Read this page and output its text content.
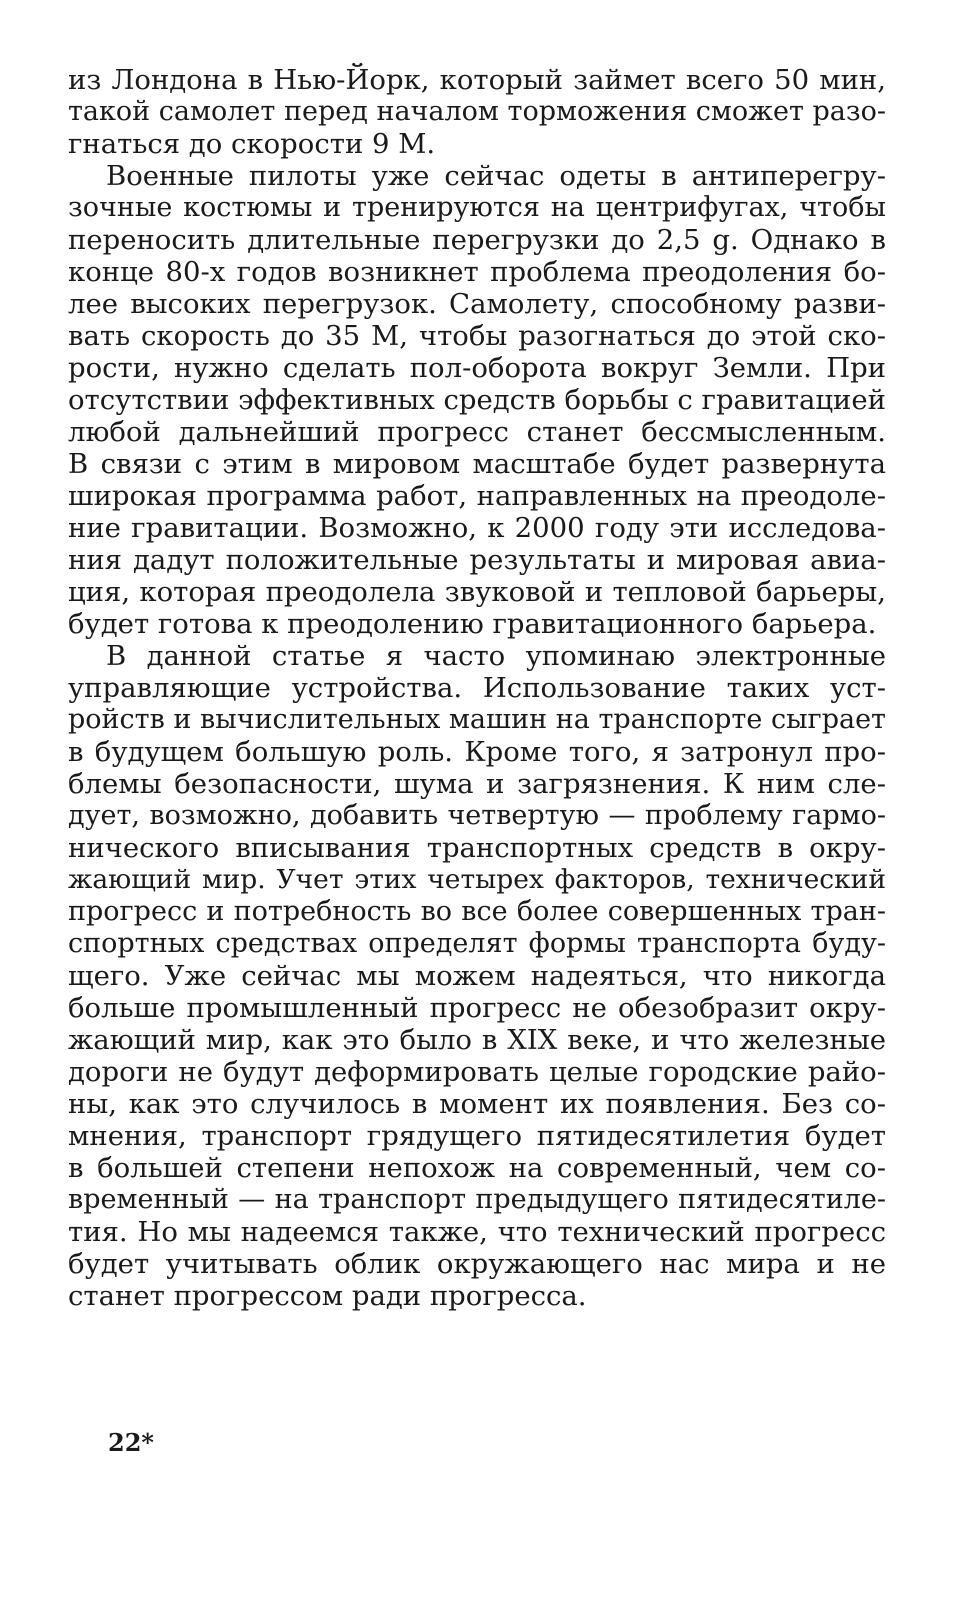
из Лондона в Нью-Йорк, который займет всего 50 мин,
такой самолет перед началом торможения сможет разо-
гнаться до скорости 9 М.
Военные пилоты уже сейчас одеты в антиперегру-
зочные костюмы и тренируются на центрифугах, чтобы
переносить длительные перегрузки до 2,5 g. Однако в
конце 80-х годов возникнет проблема преодоления бо-
лее высоких перегрузок. Самолету, способному разви-
вать скорость до 35 М, чтобы разогнаться до этой ско-
рости, нужно сделать пол-оборота вокруг Земли. При
отсутствии эффективных средств борьбы с гравитацией
любой дальнейший прогресс станет бессмысленным.
В связи с этим в мировом масштабе будет развернута
широкая программа работ, направленных на преодоле-
ние гравитации. Возможно, к 2000 году эти исследова-
ния дадут положительные результаты и мировая авиа-
ция, которая преодолела звуковой и тепловой барьеры,
будет готова к преодолению гравитационного барьера.
В данной статье я часто упоминаю электронные
управляющие устройства. Использование таких уст-
ройств и вычислительных машин на транспорте сыграет
в будущем большую роль. Кроме того, я затронул про-
блемы безопасности, шума и загрязнения. К ним сле-
дует, возможно, добавить четвертую — проблему гармо-
нического вписывания транспортных средств в окру-
жающий мир. Учет этих четырех факторов, технический
прогресс и потребность во все более совершенных тран-
спортных средствах определят формы транспорта буду-
щего. Уже сейчас мы можем надеяться, что никогда
больше промышленный прогресс не обезобразит окру-
жающий мир, как это было в XIX веке, и что железные
дороги не будут деформировать целые городские райо-
ны, как это случилось в момент их появления. Без со-
мнения, транспорт грядущего пятидесятилетия будет
в большей степени непохож на современный, чем со-
временный — на транспорт предыдущего пятидесятиле-
тия. Но мы надеемся также, что технический прогресс
будет учитывать облик окружающего нас мира и не
станет прогрессом ради прогресса.
22*
